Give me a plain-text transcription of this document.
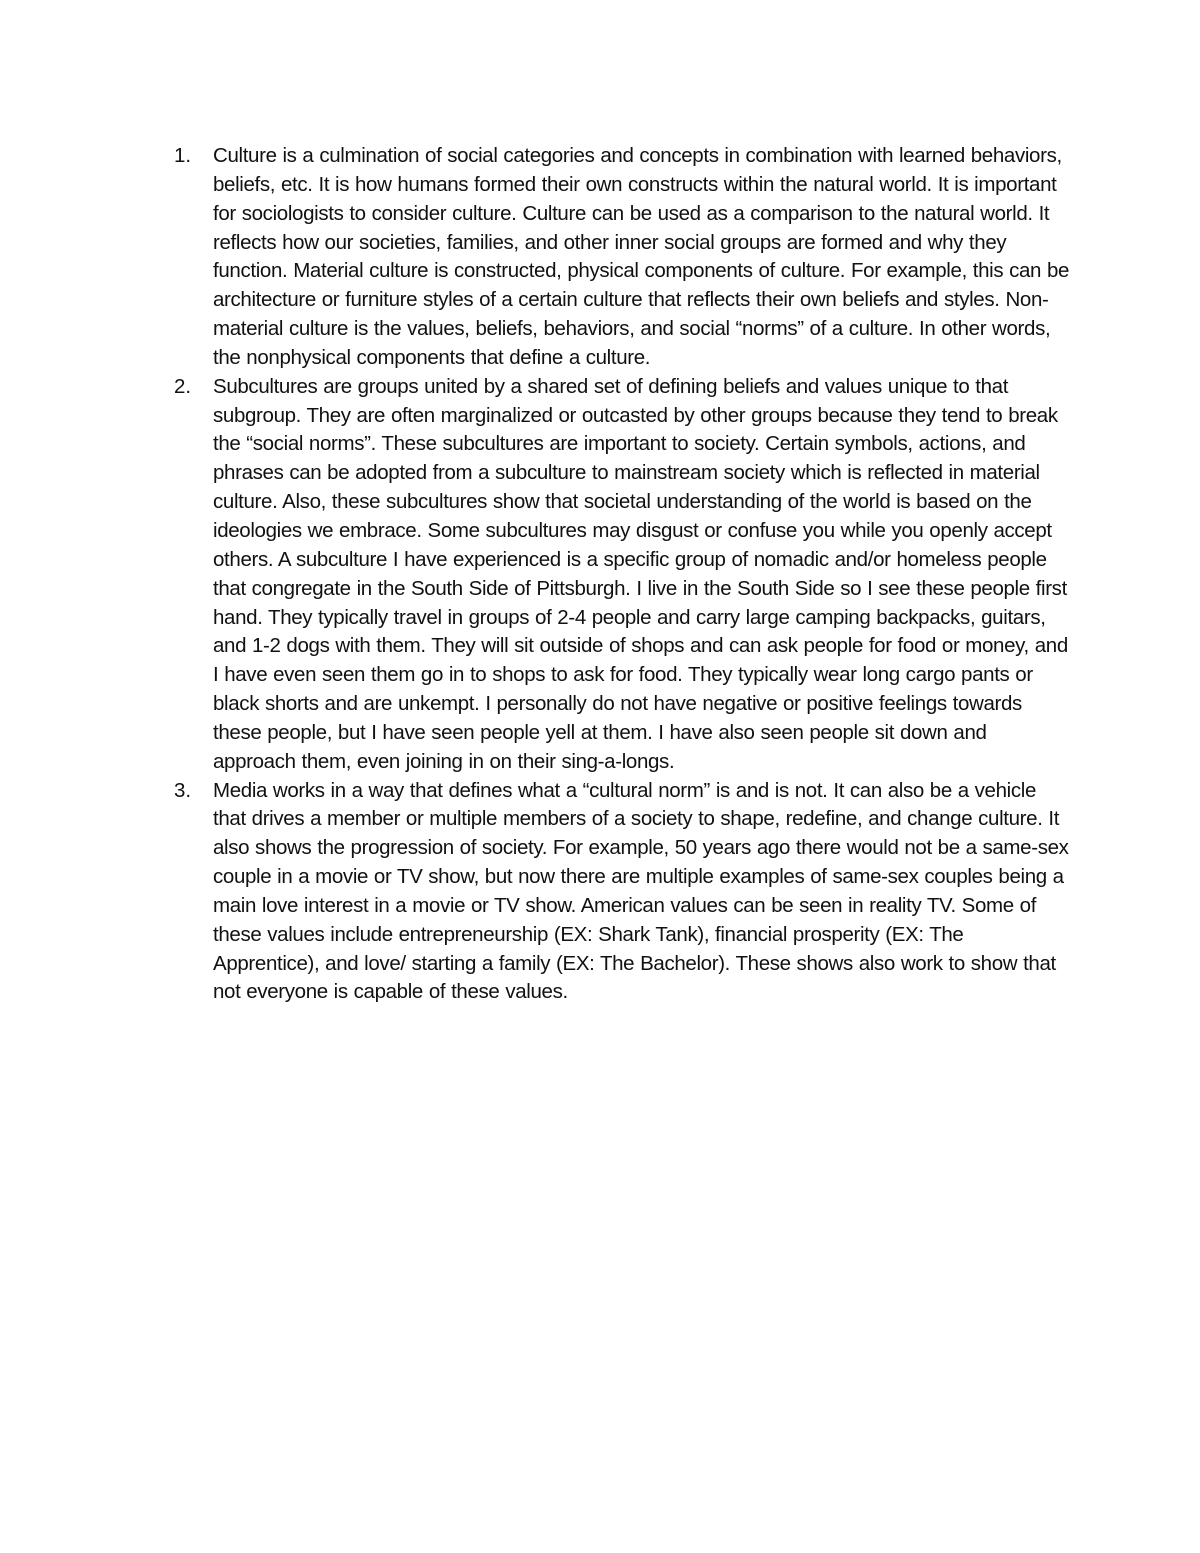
1. Culture is a culmination of social categories and concepts in combination with learned behaviors, beliefs, etc. It is how humans formed their own constructs within the natural world. It is important for sociologists to consider culture. Culture can be used as a comparison to the natural world. It reflects how our societies, families, and other inner social groups are formed and why they function. Material culture is constructed, physical components of culture. For example, this can be architecture or furniture styles of a certain culture that reflects their own beliefs and styles. Non-material culture is the values, beliefs, behaviors, and social “norms” of a culture. In other words, the nonphysical components that define a culture.
2. Subcultures are groups united by a shared set of defining beliefs and values unique to that subgroup. They are often marginalized or outcasted by other groups because they tend to break the “social norms”. These subcultures are important to society. Certain symbols, actions, and phrases can be adopted from a subculture to mainstream society which is reflected in material culture. Also, these subcultures show that societal understanding of the world is based on the ideologies we embrace. Some subcultures may disgust or confuse you while you openly accept others. A subculture I have experienced is a specific group of nomadic and/or homeless people that congregate in the South Side of Pittsburgh. I live in the South Side so I see these people first hand. They typically travel in groups of 2-4 people and carry large camping backpacks, guitars, and 1-2 dogs with them. They will sit outside of shops and can ask people for food or money, and I have even seen them go in to shops to ask for food. They typically wear long cargo pants or black shorts and are unkempt. I personally do not have negative or positive feelings towards these people, but I have seen people yell at them. I have also seen people sit down and approach them, even joining in on their sing-a-longs.
3. Media works in a way that defines what a “cultural norm” is and is not. It can also be a vehicle that drives a member or multiple members of a society to shape, redefine, and change culture. It also shows the progression of society. For example, 50 years ago there would not be a same-sex couple in a movie or TV show, but now there are multiple examples of same-sex couples being a main love interest in a movie or TV show. American values can be seen in reality TV. Some of these values include entrepreneurship (EX: Shark Tank), financial prosperity (EX: The Apprentice), and love/ starting a family (EX: The Bachelor). These shows also work to show that not everyone is capable of these values.
